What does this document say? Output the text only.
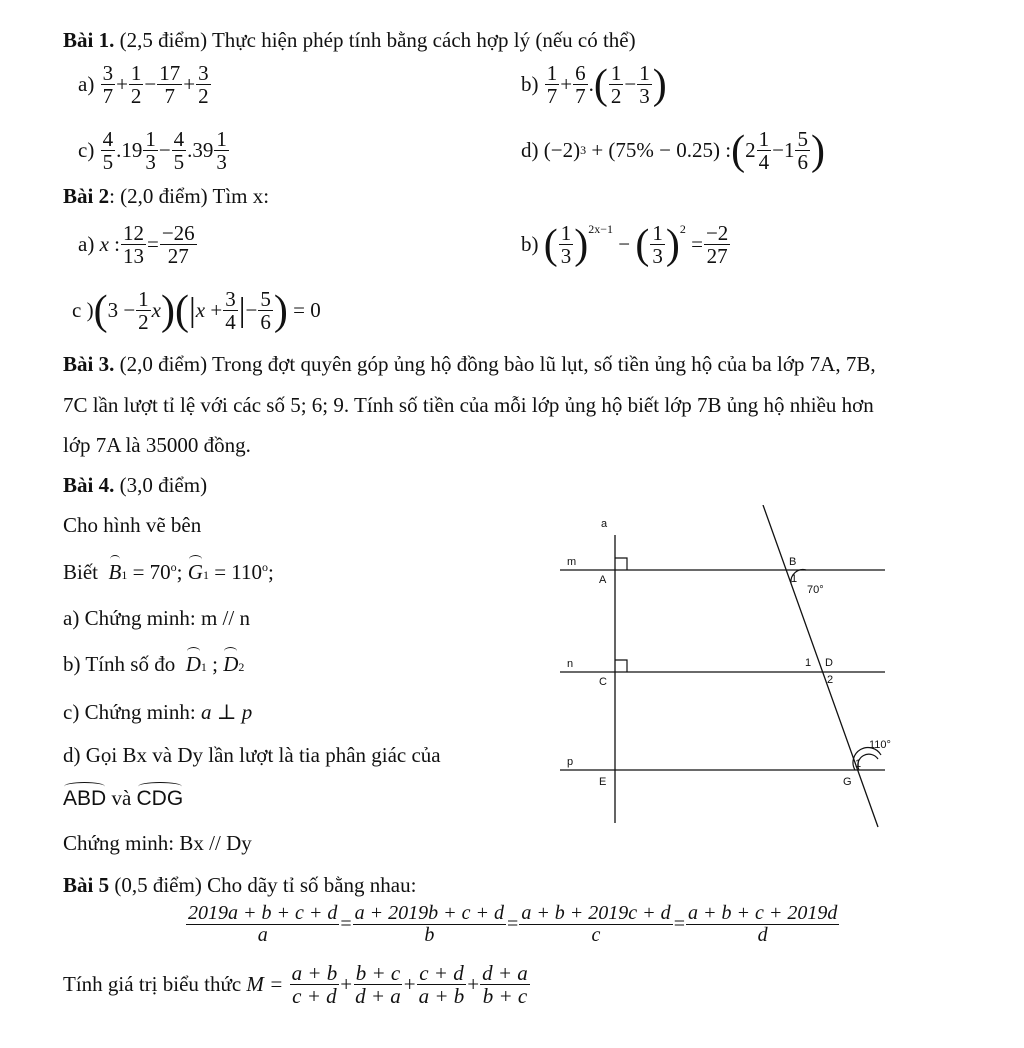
Bài 1. (2,5 điểm) Thực hiện phép tính bằng cách hợp lý (nếu có thể)
a)
$\frac{3}{7} + \frac{1}{2} - \frac{17}{7} + \frac{3}{2}$	b)
$\frac{1}{7} + \frac{6}{7}$ . ( $\frac{1}{2} - \frac{1}{3}$ )
c)
$\frac{4}{5}$ . $19 \frac{1}{3} - \frac{4}{5}$ . $39 \frac{1}{3}$	d)
(−2) 3
+ (75% − 0.25) : ( $2 \frac{1}{4} - 1 \frac{5}{6}$ )
Bài 2: (2,0 điểm) Tìm x:
a)
x : $\frac{12}{13} = \frac{-26}{27}$	b)
( $\frac{1}{3}$ ) 2x−1
− ( $\frac{1}{3}$ ) 2
= $\frac{-2}{27}$
c ) ( $3 - \frac{1}{2}$ x )( | $x + \frac{3}{4}$ | − $\frac{5}{6}$ ) = 0
Bài 3. (2,0 điểm) Trong đợt quyên góp ủng hộ đồng bào lũ lụt, số tiền ủng hộ của ba lớp 7A, 7B,
7C lần lượt tỉ lệ với các số 5; 6; 9. Tính số tiền của mỗi lớp ủng hộ biết lớp 7B ủng hộ nhiều hơn
lớp 7A là 35000 đồng.
Bài 4. (3,0 điểm)
Cho hình vẽ bên
Biết $B1 = 70^o$; $G1 = 110^o$;
a) Chứng minh: m // n
b) Tính số đo D1 ; D2
c) Chứng minh: a ⊥ p
d) Gọi Bx và Dy lần lượt là tia phân giác của
ABD và CDG
Chứng minh: Bx // Dy
a
m
n
p
A
B
C
D
E	G
1
70°
1
2
110°
1
Bài 5 (0,5 điểm) Cho dãy tỉ số bằng nhau:
$\frac{2019a + b + c + d}{a} = \frac{a + 2019b + c + d}{b} = \frac{a + b + 2019c + d}{c} = \frac{a + b + c + 2019d}{d}$
Tính giá trị biểu thức
M =
$\frac{a + b}{c + d} + \frac{b + c}{d + a} + \frac{c + d}{a + b} + \frac{d + a}{b + c}$
